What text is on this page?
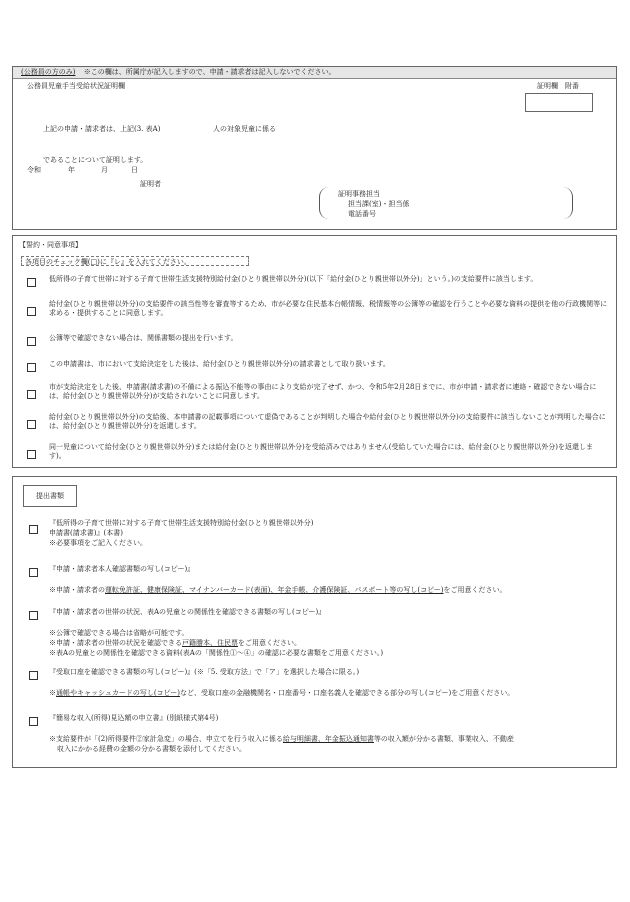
(公務員の方のみ) ※この欄は、所属庁が記入しますので、申請・請求者は記入しないでください。
公務員児童手当受給状況証明欄	証明欄　附番
上記の申請・請求者は、上記(3. 表A)	人の対象児童に係る
であることについて証明します。
令和	年	月	日
証明者
証明事務担当
担当課(室)・担当係
電話番号
【誓約・同意事項】
各項目のチェック欄(□)に『レ』を入れてください。
低所得の子育て世帯に対する子育て世帯生活支援特別給付金(ひとり親世帯以外分)(以下「給付金(ひとり親世帯以外分)」という。)の支給要件に該当します。
給付金(ひとり親世帯以外分)の支給要件の該当性等を審査等するため、市が必要な住民基本台帳情報、税情報等の公簿等の確認を行うことや必要な資料の提供を他の行政機関等に求める・提供することに同意します。
公簿等で確認できない場合は、関係書類の提出を行います。
この申請書は、市において支給決定をした後は、給付金(ひとり親世帯以外分)の請求書として取り扱います。
市が支給決定をした後、申請書(請求書)の不備による振込不能等の事由により支給が完了せず、かつ、令和5年2月28日までに、市が申請・請求者に連絡・確認できない場合には、給付金(ひとり親世帯以外分)が支給されないことに同意します。
給付金(ひとり親世帯以外分)の支給後、本申請書の記載事項について虚偽であることが判明した場合や給付金(ひとり親世帯以外分)の支給要件に該当しないことが判明した場合には、給付金(ひとり親世帯以外分)を返還します。
同一児童について給付金(ひとり親世帯以外分)または給付金(ひとり親世帯以外分)を受給済みではありません(受給していた場合には、給付金(ひとり親世帯以外分)を返還します)。
提出書類
『低所得の子育て世帯に対する子育て世帯生活支援特別給付金(ひとり親世帯以外分)
申請書(請求書)』(本書)
※必要事項をご記入ください。
『申請・請求者本人確認書類の写し(コピー)』
※申請・請求者の運転免許証、健康保険証、マイナンバーカード(表面)、年金手帳、介護保険証、パスポート等の写し(コピー)をご用意ください。
『申請・請求者の世帯の状況、表Aの児童との関係性を確認できる書類の写し(コピー)』
※公簿で確認できる場合は省略が可能です。
※申請・請求者の世帯の状況を確認できる戸籍謄本、住民票をご用意ください。
※表Aの児童との関係性を確認できる資料(表Aの「関係性①～④」の確認に必要な書類をご用意ください。)
『受取口座を確認できる書類の写し(コピー)』(※「5. 受取方法」で「ア」を選択した場合に限る。)
※通帳やキャッシュカードの写し(コピー)など、受取口座の金融機関名・口座番号・口座名義人を確認できる部分の写し(コピー)をご用意ください。
『簡易な収入(所得)見込額の申立書』(別紙様式第4号)
※支給要件が「(2)所得要件②家計急変」の場合、申立てを行う収入に係る給与明細書、年金振込通知書等の収入額が分かる書類、事業収入、不動産
収入にかかる経費の金額の分かる書類を添付してください。
